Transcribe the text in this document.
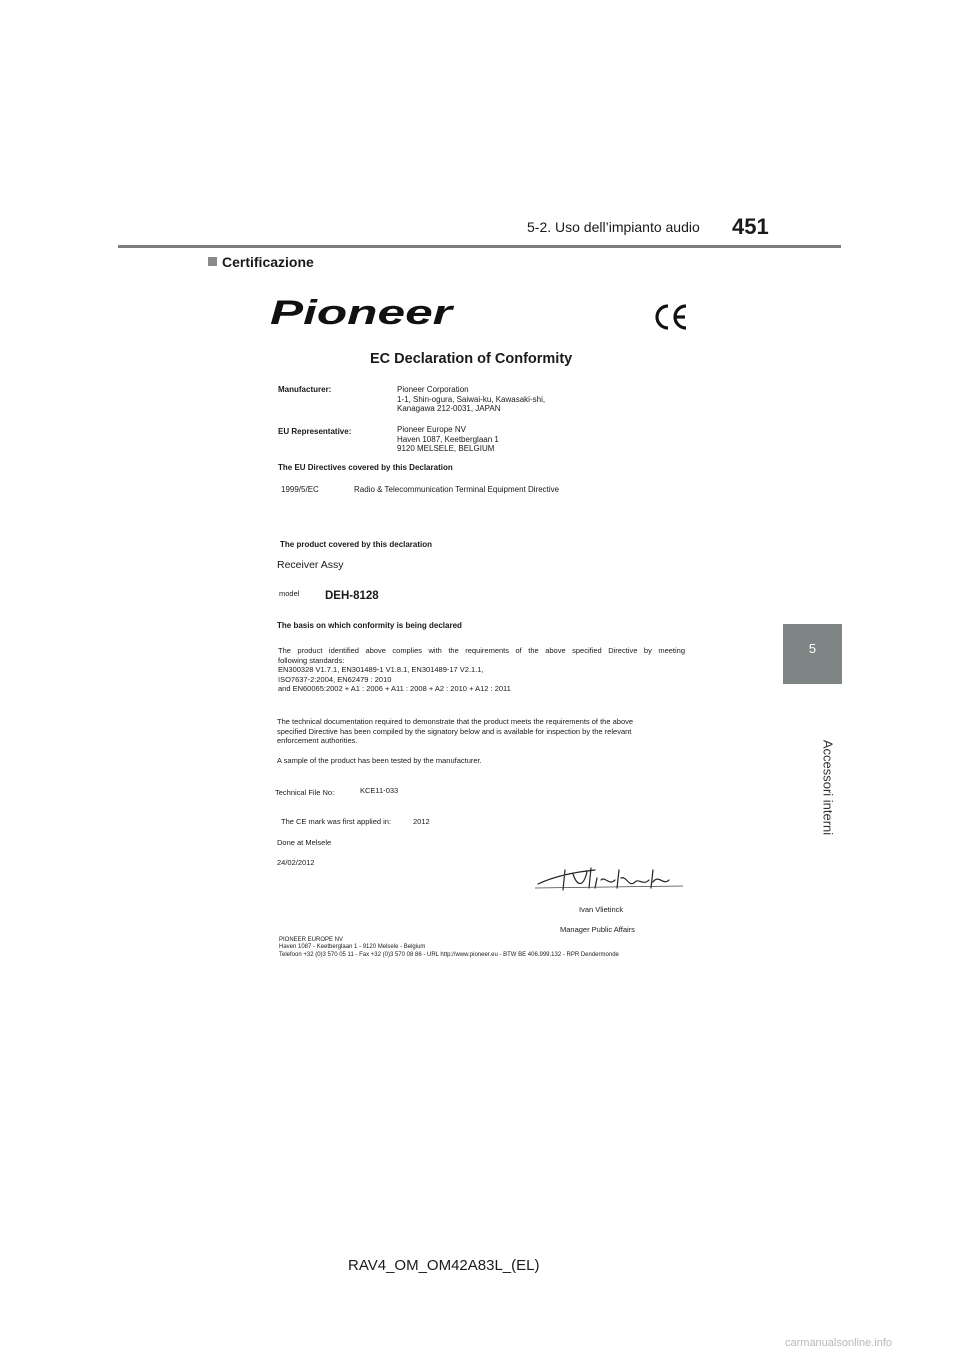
5-2. Uso dell’impianto audio 451
Certificazione
5
Accessori interni
Pioneer
EC Declaration of Conformity
Manufacturer:	Pioneer Corporation
1-1, Shin-ogura, Saiwai-ku, Kawasaki-shi,
Kanagawa 212-0031, JAPAN
EU Representative:	Pioneer Europe NV
Haven 1087, Keetberglaan 1
9120 MELSELE, BELGIUM
The EU Directives covered by this Declaration
1999/5/EC	Radio & Telecommunication Terminal Equipment Directive
The product covered by this declaration
Receiver Assy
model DEH-8128
The basis on which conformity is being declared
The product identified above complies with the requirements of the above specified Directive by meeting
following standards:
EN300328 V1.7.1, EN301489-1 V1.8.1, EN301489-17 V2.1.1,
ISO7637-2:2004, EN62479 : 2010
and EN60065:2002 + A1 : 2006 + A11 : 2008 + A2 : 2010 + A12 : 2011
The technical documentation required to demonstrate that the product meets the requirements of the above
specified Directive has been compiled by the signatory below and is available for inspection by the relevant
enforcement authorities.
A sample of the product has been tested by the manufacturer.
Technical File No:	KCE11-033
The CE mark was first applied in:	2012
Done at Melsele
24/02/2012
Ivan Vlietinck
Manager Public Affairs
PIONEER EUROPE NV
Haven 1087 - Keetberglaan 1 - 9120 Melsele - Belgium
Telefoon +32 (0)3 570 05 11 - Fax +32 (0)3 570 08 86 - URL http://www.pioneer.eu - BTW BE 406.999.132 - RPR Dendermonde
RAV4_OM_OM42A83L_(EL)
carmanualsonline.info
